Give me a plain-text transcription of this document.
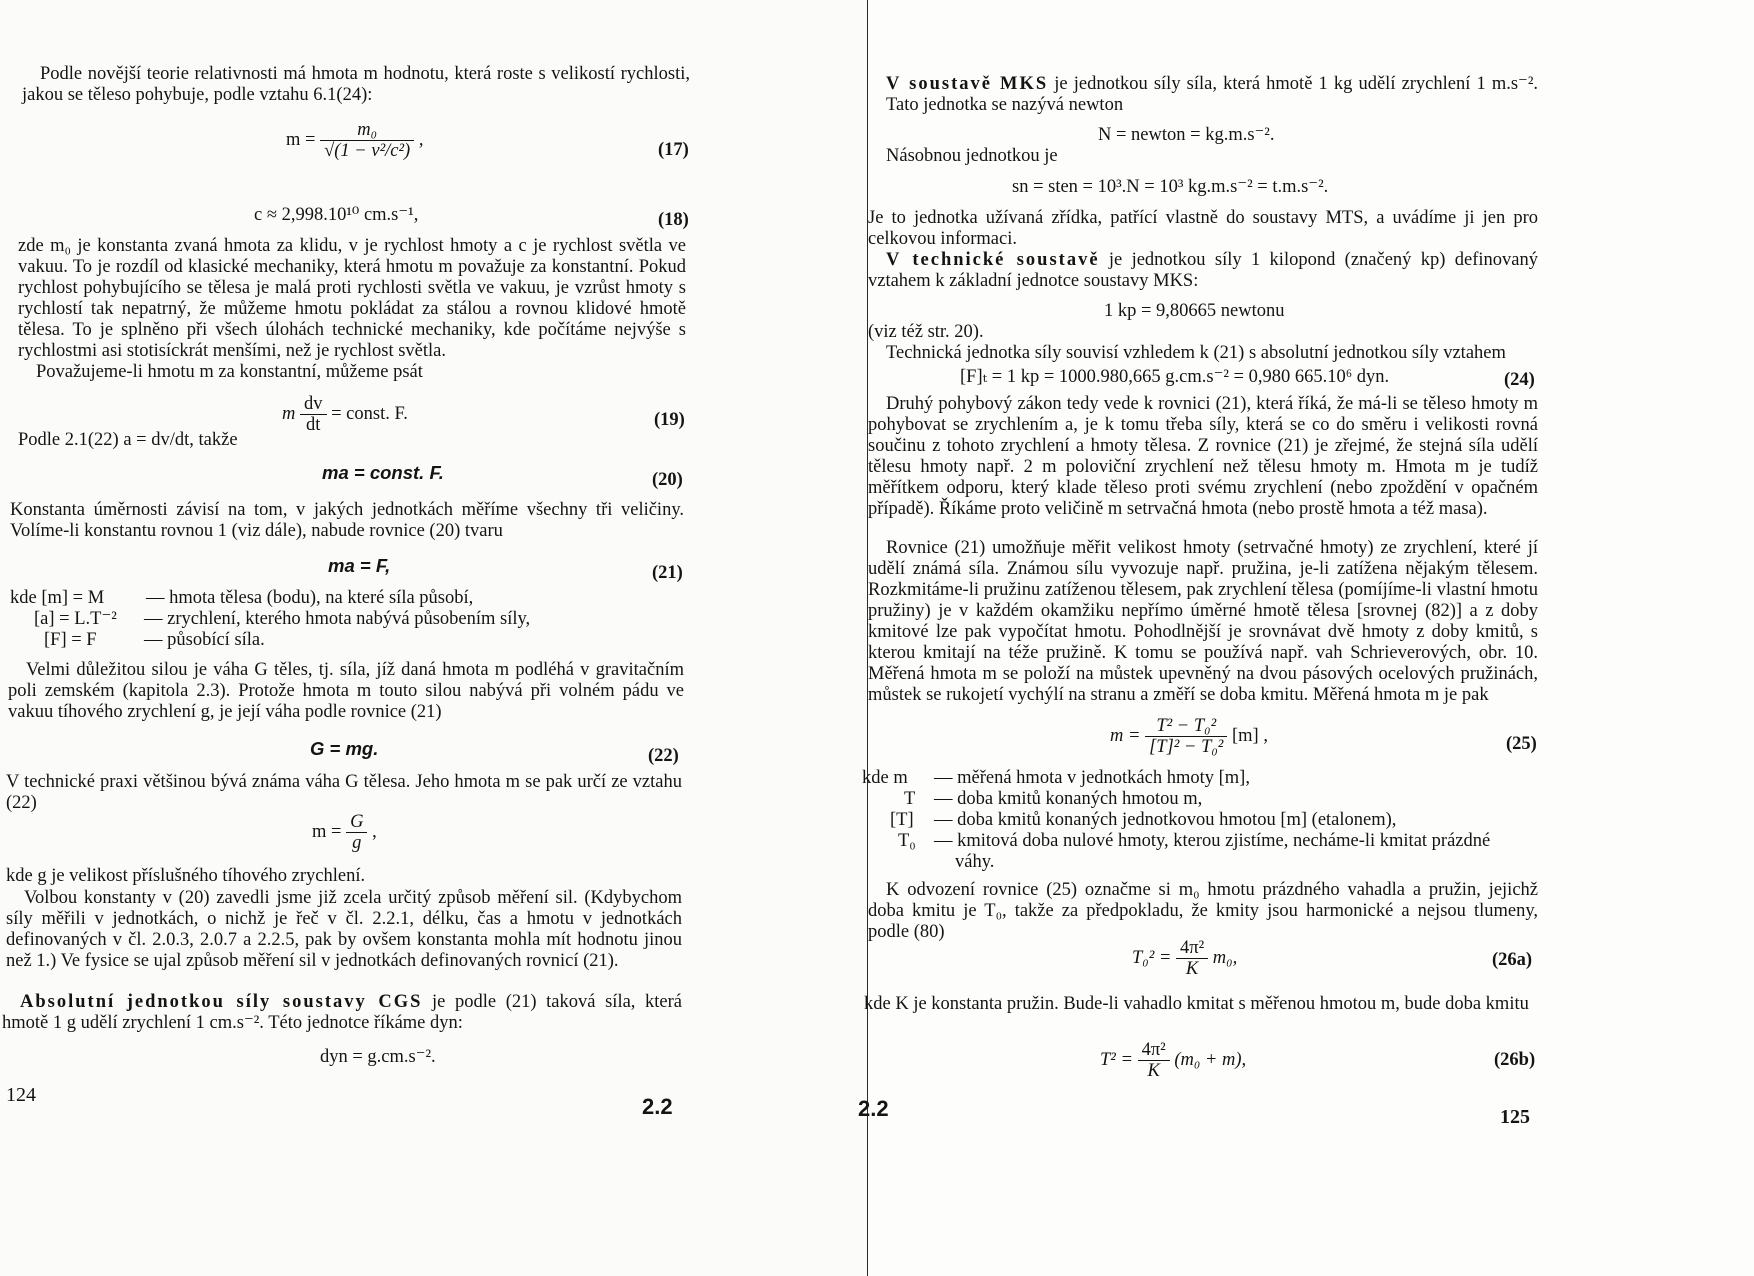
Podle novější teorie relativnosti má hmota m hodnotu, která roste s velikostí rychlosti, jakou se těleso pohybuje, podle vztahu 6.1(24):
$m = \frac{\text{m₀}}{\text{√(1 − v²/c²)}}$ ,
(17)
c ≈ 2,998.10¹⁰ cm.s⁻¹,	(18)
zde m₀ je konstanta zvaná hmota za klidu, v je rychlost hmoty a c je rychlost světla ve vakuu. To je rozdíl od klasické mechaniky, která hmotu m považuje za konstantní. Pokud rychlost pohybujícího se tělesa je malá proti rychlosti světla ve vakuu, je vzrůst hmoty s rychlostí tak nepatrný, že můžeme hmotu pokládat za stálou a rovnou klidové hmotě tělesa. To je splněno při všech úlohách technické mechaniky, kde počítáme nejvýše s rychlostmi asi stotisíckrát menšími, než je rychlost světla.
Považujeme-li hmotu m za konstantní, můžeme psát
m $\frac{dv}{dt}$ = const. F.	(19)
Podle 2.1(22) a = dv/dt, takže
ma = const. F.	(20)
Konstanta úměrnosti závisí na tom, v jakých jednotkách měříme všechny tři veličiny. Volíme-li konstantu rovnou 1 (viz dále), nabude rovnice (20) tvaru
ma = F,	(21)
kde [m] = M — hmota tělesa (bodu), na které síla působí,
[a] = L.T⁻² — zrychlení, kterého hmota nabývá působením síly,
[F] = F	— působící síla.
Velmi důležitou silou je váha G těles, tj. síla, jíž daná hmota m podléhá v gravitačním poli zemském (kapitola 2.3). Protože hmota m touto silou nabývá při volném pádu ve vakuu tíhového zrychlení g, je její váha podle rovnice (21)
G = mg.	(22)
V technické praxi většinou bývá známa váha G tělesa. Jeho hmota m se pak určí ze vztahu (22)
$m = \frac{G}{g}$ ,
kde g je velikost příslušného tíhového zrychlení.
Volbou konstanty v (20) zavedli jsme již zcela určitý způsob měření sil. (Kdybychom síly měřili v jednotkách, o nichž je řeč v čl. 2.2.1, délku, čas a hmotu v jednotkách definovaných v čl. 2.0.3, 2.0.7 a 2.2.5, pak by ovšem konstanta mohla mít hodnotu jinou než 1.) Ve fysice se ujal způsob měření sil v jednotkách definovaných rovnicí (21).
Absolutní jednotkou síly soustavy CGS je podle (21) taková síla, která hmotě 1 g udělí zrychlení 1 cm.s⁻². Této jednotce říkáme dyn:
dyn = g.cm.s⁻².
124	2.2
V soustavě MKS je jednotkou síly síla, která hmotě 1 kg udělí zrychlení 1 m.s⁻². Tato jednotka se nazývá newton
N = newton = kg.m.s⁻².
Násobnou jednotkou je
sn = sten = 10³.N = 10³ kg.m.s⁻² = t.m.s⁻².
Je to jednotka užívaná zřídka, patřící vlastně do soustavy MTS, a uvádíme ji jen pro celkovou informaci.
V technické soustavě je jednotkou síly 1 kilopond (značený kp) definovaný vztahem k základní jednotce soustavy MKS:
1 kp = 9,80665 newtonu
(viz též str. 20).
Technická jednotka síly souvisí vzhledem k (21) s absolutní jednotkou síly vztahem
[F]ₜ = 1 kp = 1000.980,665 g.cm.s⁻² = 0,980 665.10⁶ dyn.	(24)
Druhý pohybový zákon tedy vede k rovnici (21), která říká, že má-li se těleso hmoty m pohybovat se zrychlením a, je k tomu třeba síly, která se co do směru i velikosti rovná součinu z tohoto zrychlení a hmoty tělesa. Z rovnice (21) je zřejmé, že stejná síla udělí tělesu hmoty např. 2 m poloviční zrychlení než tělesu hmoty m. Hmota m je tudíž měřítkem odporu, který klade těleso proti svému zrychlení (nebo zpoždění v opačném případě). Říkáme proto veličině m setrvačná hmota (nebo prostě hmota a též masa).
Rovnice (21) umožňuje měřit velikost hmoty (setrvačné hmoty) ze zrychlení, které jí udělí známá síla. Známou sílu vyvozuje např. pružina, je-li zatížena nějakým tělesem. Rozkmitáme-li pružinu zatíženou tělesem, pak zrychlení tělesa (pomíjíme-li vlastní hmotu pružiny) je v každém okamžiku nepřímo úměrné hmotě tělesa [srovnej (82)] a z doby kmitové lze pak vypočítat hmotu. Pohodlnější je srovnávat dvě hmoty z doby kmitů, s kterou kmitají na téže pružině. K tomu se používá např. vah Schrieverových, obr. 10. Měřená hmota m se položí na můstek upevněný na dvou pásových ocelových pružinách, můstek se rukojetí vychýlí na stranu a změří se doba kmitu. Měřená hmota m je pak
$m = \frac{\text{T² − T₀²}}{\text{[T]² − T₀²}} [m]$ ,	(25)
kde m — měřená hmota v jednotkách hmoty [m],
T — doba kmitů konaných hmotou m,
[T] — doba kmitů konaných jednotkovou hmotou [m] (etalonem),
T₀ — kmitová doba nulové hmoty, kterou zjistíme, necháme-li kmitat prázdné
váhy.
K odvození rovnice (25) označme si m₀ hmotu prázdného vahadla a pružin, jejichž doba kmitu je T₀, takže za předpokladu, že kmity jsou harmonické a nejsou tlumeny, podle (80)
$T_0^2 = \frac{\text{4π²}}{K} m_0$,	(26a)
kde K je konstanta pružin. Bude-li vahadlo kmitat s měřenou hmotou m, bude doba kmitu
$T^2 = \frac{\text{4π²}}{K} (m_0 + m)$,	(26b)
2.2	125
